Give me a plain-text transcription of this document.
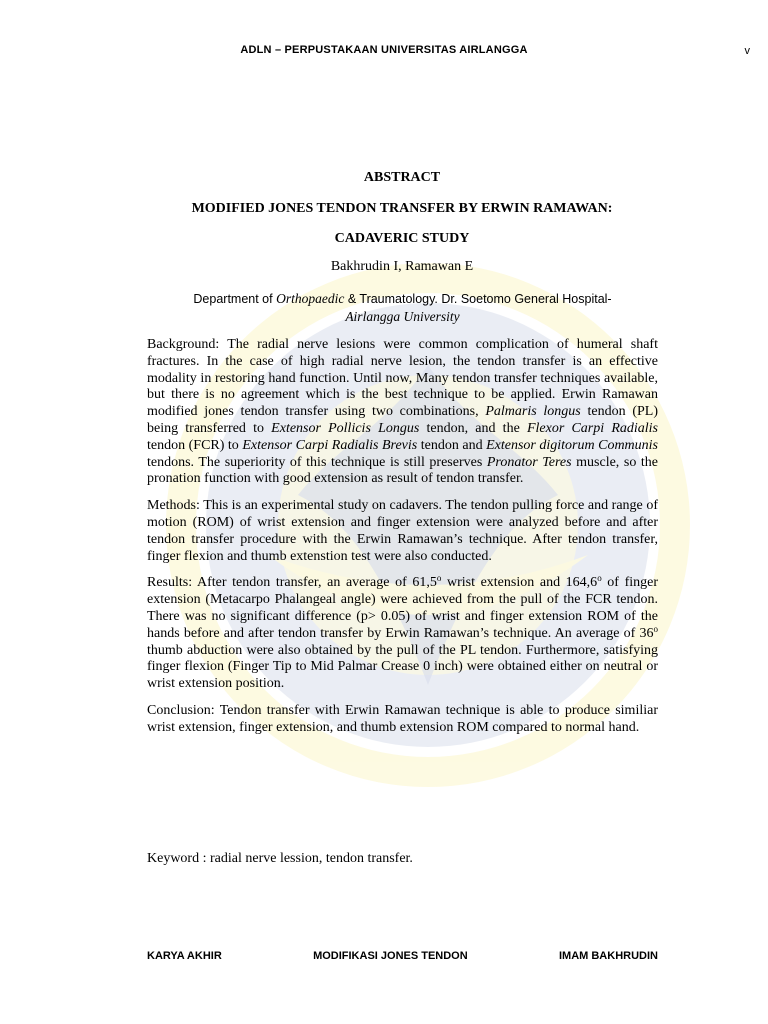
ADLN – PERPUSTAKAAN UNIVERSITAS AIRLANGGA	v
ABSTRACT
MODIFIED JONES TENDON TRANSFER BY ERWIN RAMAWAN:
CADAVERIC STUDY
Bakhrudin I, Ramawan E
Department of Orthopaedic & Traumatology. Dr. Soetomo General Hospital-
Airlangga University

Background: The radial nerve lesions were common complication of humeral shaft fractures. In the case of high radial nerve lesion, the tendon transfer is an effective modality in restoring hand function. Until now, Many tendon transfer techniques available, but there is no agreement which is the best technique to be applied. Erwin Ramawan modified jones tendon transfer using two combinations, Palmaris longus tendon (PL) being transferred to Extensor Pollicis Longus tendon, and the Flexor Carpi Radialis tendon (FCR) to Extensor Carpi Radialis Brevis tendon and Extensor digitorum Communis tendons. The superiority of this technique is still preserves Pronator Teres muscle, so the pronation function with good extension as result of tendon transfer.

Methods: This is an experimental study on cadavers. The tendon pulling force and range of motion (ROM) of wrist extension and finger extension were analyzed before and after tendon transfer procedure with the Erwin Ramawan’s technique. After tendon transfer, finger flexion and thumb extenstion test were also conducted.

Results: After tendon transfer, an average of 61,5$^o$ wrist extension and 164,6$^o$ of finger extension (Metacarpo Phalangeal angle) were achieved from the pull of the FCR tendon. There was no significant difference (p> 0.05) of wrist and finger extension ROM of the hands before and after tendon transfer by Erwin Ramawan’s technique. An average of 36$^o$ thumb abduction were also obtained by the pull of the PL tendon. Furthermore, satisfying finger flexion (Finger Tip to Mid Palmar Crease 0 inch) were obtained either on neutral or wrist extension position.

Conclusion: Tendon transfer with Erwin Ramawan technique is able to produce similiar wrist extension, finger extension, and thumb extension ROM compared to normal hand.

Keyword : radial nerve lession, tendon transfer.
KARYA AKHIR	MODIFIKASI JONES TENDON	IMAM BAKHRUDIN
